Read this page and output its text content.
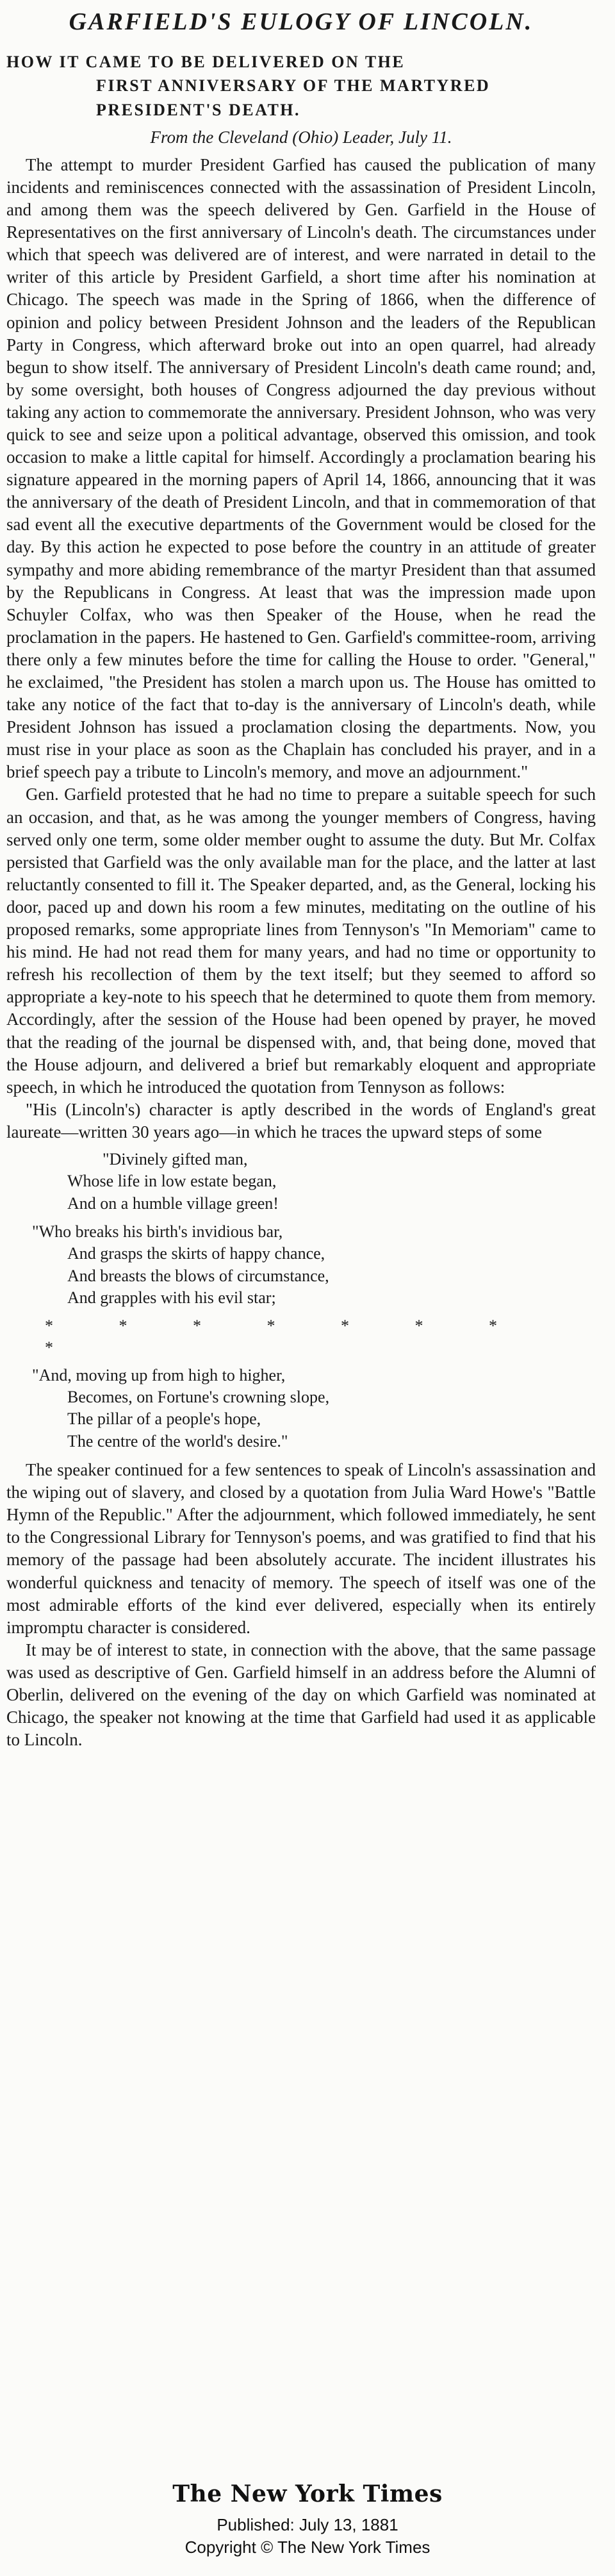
GARFIELD'S EULOGY OF LINCOLN.
HOW IT CAME TO BE DELIVERED ON THE
FIRST ANNIVERSARY OF THE MARTYRED
PRESIDENT'S DEATH.
From the Cleveland (Ohio) Leader, July 11.

The attempt to murder President Garfied has caused the publication of many incidents and reminiscences connected with the assassination of President Lincoln, and among them was the speech delivered by Gen. Garfield in the House of Representatives on the first anniversary of Lincoln's death. The circumstances under which that speech was delivered are of interest, and were narrated in detail to the writer of this article by President Garfield, a short time after his nomination at Chicago. The speech was made in the Spring of 1866, when the difference of opinion and policy between President Johnson and the leaders of the Republican Party in Congress, which afterward broke out into an open quarrel, had already begun to show itself. The anniversary of President Lincoln's death came round; and, by some oversight, both houses of Congress adjourned the day previous without taking any action to commemorate the anniversary. President Johnson, who was very quick to see and seize upon a political advantage, observed this omission, and took occasion to make a little capital for himself. Accordingly a proclamation bearing his signature appeared in the morning papers of April 14, 1866, announcing that it was the anniversary of the death of President Lincoln, and that in commemoration of that sad event all the executive departments of the Government would be closed for the day. By this action he expected to pose before the country in an attitude of greater sympathy and more abiding remembrance of the martyr President than that assumed by the Republicans in Congress. At least that was the impression made upon Schuyler Colfax, who was then Speaker of the House, when he read the proclamation in the papers. He hastened to Gen. Garfield's committee-room, arriving there only a few minutes before the time for calling the House to order. "General," he exclaimed, "the President has stolen a march upon us. The House has omitted to take any notice of the fact that to-day is the anniversary of Lincoln's death, while President Johnson has issued a proclamation closing the departments. Now, you must rise in your place as soon as the Chaplain has concluded his prayer, and in a brief speech pay a tribute to Lincoln's memory, and move an adjournment."

Gen. Garfield protested that he had no time to prepare a suitable speech for such an occasion, and that, as he was among the younger members of Congress, having served only one term, some older member ought to assume the duty. But Mr. Colfax persisted that Garfield was the only available man for the place, and the latter at last reluctantly consented to fill it. The Speaker departed, and, as the General, locking his door, paced up and down his room a few minutes, meditating on the outline of his proposed remarks, some appropriate lines from Tennyson's "In Memoriam" came to his mind. He had not read them for many years, and had no time or opportunity to refresh his recollection of them by the text itself; but they seemed to afford so appropriate a key-note to his speech that he determined to quote them from memory. Accordingly, after the session of the House had been opened by prayer, he moved that the reading of the journal be dispensed with, and, that being done, moved that the House adjourn, and delivered a brief but remarkably eloquent and appropriate speech, in which he introduced the quotation from Tennyson as follows:

"His (Lincoln's) character is aptly described in the words of England's great laureate—written 30 years ago—in which he traces the upward steps of some

"Divinely gifted man,
Whose life in low estate began,
And on a humble village green!
"Who breaks his birth's invidious bar,
And grasps the skirts of happy chance,
And breasts the blows of circumstance,
And grapples with his evil star;
* * * * * * * *
"And, moving up from high to higher,
Becomes, on Fortune's crowning slope,
The pillar of a people's hope,
The centre of the world's desire."

The speaker continued for a few sentences to speak of Lincoln's assassination and the wiping out of slavery, and closed by a quotation from Julia Ward Howe's "Battle Hymn of the Republic." After the adjournment, which followed immediately, he sent to the Congressional Library for Tennyson's poems, and was gratified to find that his memory of the passage had been absolutely accurate. The incident illustrates his wonderful quickness and tenacity of memory. The speech of itself was one of the most admirable efforts of the kind ever delivered, especially when its entirely impromptu character is considered.

It may be of interest to state, in connection with the above, that the same passage was used as descriptive of Gen. Garfield himself in an address before the Alumni of Oberlin, delivered on the evening of the day on which Garfield was nominated at Chicago, the speaker not knowing at the time that Garfield had used it as applicable to Lincoln.

The New York Times
Published: July 13, 1881
Copyright © The New York Times
